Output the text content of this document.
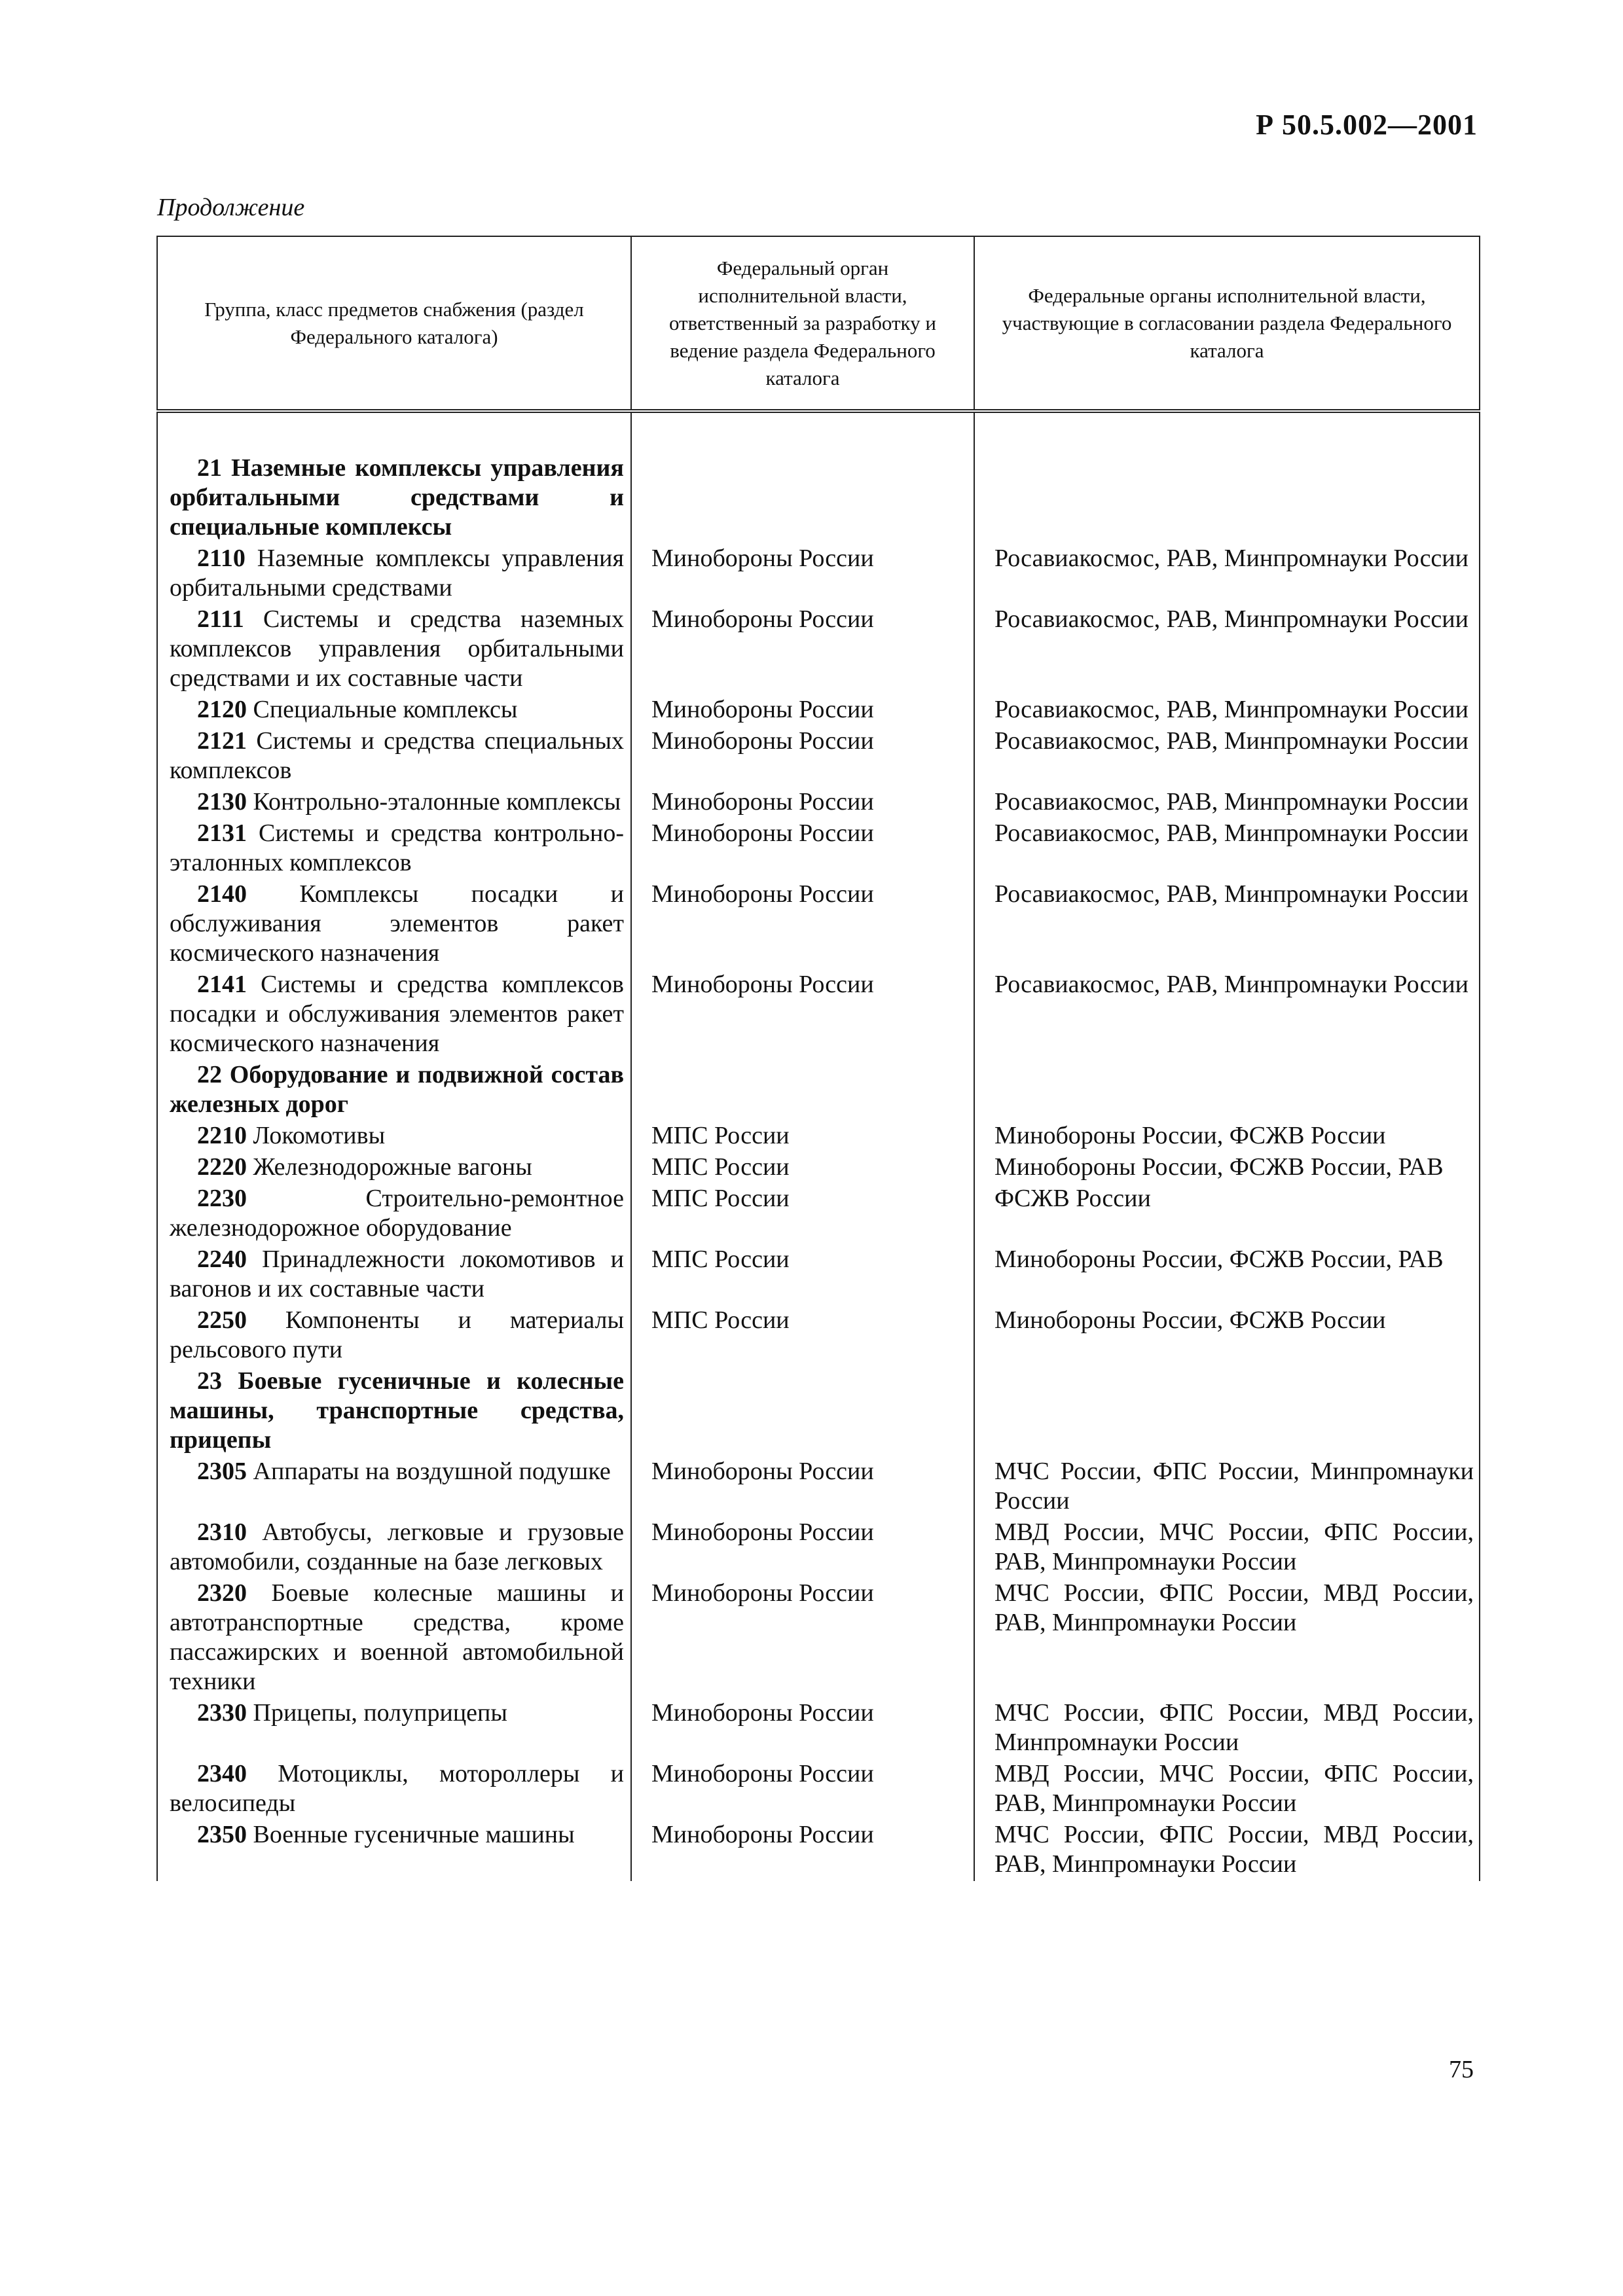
Р 50.5.002—2001
Продолжение
Группа, класс предметов снабжения (раздел Федерального каталога)	Федеральный орган исполнительной власти, ответственный за разработку и ведение раздела Федерального каталога	Федеральные органы исполнительной власти, участвующие в согласовании раздела Федерального каталога

21 Наземные комплексы управления орбитальными средствами и специальные комплексы		
2110 Наземные комплексы управления орбитальными средствами	Минобороны России	Росавиакосмос, РАВ, Минпромнауки России
2111 Системы и средства наземных комплексов управления орбитальными средствами и их составные части	Минобороны России	Росавиакосмос, РАВ, Минпромнауки России
2120 Специальные комплексы	Минобороны России	Росавиакосмос, РАВ, Минпромнауки России
2121 Системы и средства специальных комплексов	Минобороны России	Росавиакосмос, РАВ, Минпромнауки России
2130 Контрольно-эталонные комплексы	Минобороны России	Росавиакосмос, РАВ, Минпромнауки России
2131 Системы и средства контрольно-эталонных комплексов	Минобороны России	Росавиакосмос, РАВ, Минпромнауки России
2140 Комплексы посадки и обслуживания элементов ракет космического назначения	Минобороны России	Росавиакосмос, РАВ, Минпромнауки России
2141 Системы и средства комплексов посадки и обслуживания элементов ракет космического назначения	Минобороны России	Росавиакосмос, РАВ, Минпромнауки России
22 Оборудование и подвижной состав железных дорог		
2210 Локомотивы	МПС России	Минобороны России, ФСЖВ России
2220 Железнодорожные вагоны	МПС России	Минобороны России, ФСЖВ России, РАВ
2230 Строительно-ремонтное железнодорожное оборудование	МПС России	ФСЖВ России
2240 Принадлежности локомотивов и вагонов и их составные части	МПС России	Минобороны России, ФСЖВ России, РАВ
2250 Компоненты и материалы рельсового пути	МПС России	Минобороны России, ФСЖВ России
23 Боевые гусеничные и колесные машины, транспортные средства, прицепы		
2305 Аппараты на воздушной подушке	Минобороны России	МЧС России, ФПС России, Минпромнауки России
2310 Автобусы, легковые и грузовые автомобили, созданные на базе легковых	Минобороны России	МВД России, МЧС России, ФПС России, РАВ, Минпромнауки России
2320 Боевые колесные машины и автотранспортные средства, кроме пассажирских и военной автомобильной техники	Минобороны России	МЧС России, ФПС России, МВД России, РАВ, Минпромнауки России
2330 Прицепы, полуприцепы	Минобороны России	МЧС России, ФПС России, МВД России, Минпромнауки России
2340 Мотоциклы, мотороллеры и велосипеды	Минобороны России	МВД России, МЧС России, ФПС России, РАВ, Минпромнауки России
2350 Военные гусеничные машины	Минобороны России	МЧС России, ФПС России, МВД России, РАВ, Минпромнауки России
75
